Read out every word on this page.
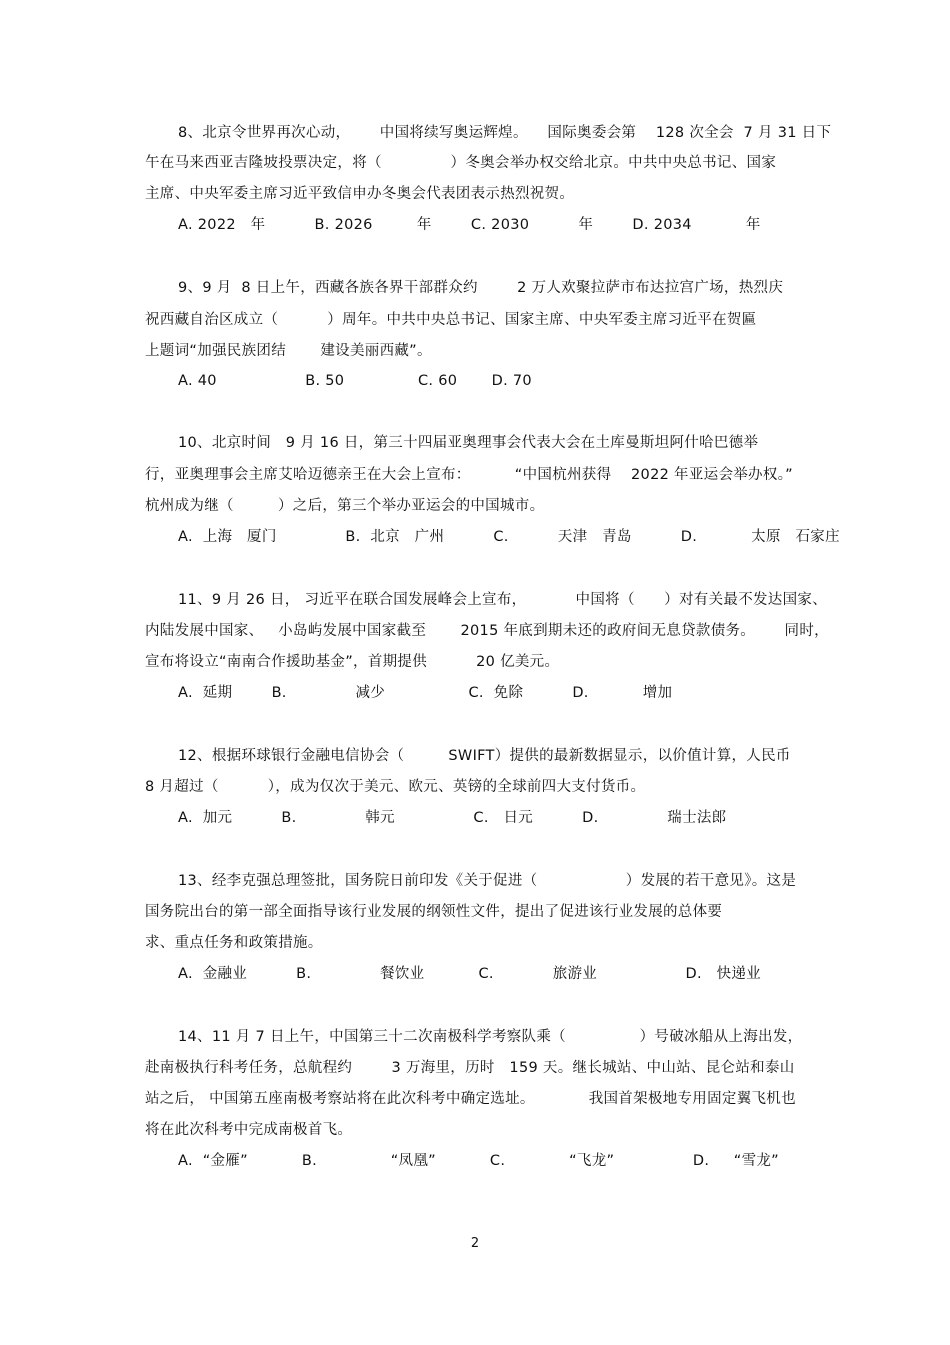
8、北京令世界再次心动，      中国将续写奥运辉煌。    国际奥委会第    128 次全会  7 月 31 日下
午在马来西亚吉隆坡投票决定，将（              ）冬奥会举办权交给北京。中共中央总书记、国家
主席、中央军委主席习近平致信申办冬奥会代表团表示热烈祝贺。
A. 2022   年          B. 2026         年        C. 2030          年        D. 2034           年
9、9 月  8 日上午，西藏各族各界干部群众约        2 万人欢聚拉萨市布达拉宫广场，热烈庆
祝西藏自治区成立（          ）周年。中共中央总书记、国家主席、中央军委主席习近平在贺匾
上题词“加强民族团结       建设美丽西藏”。
A. 40                  B. 50               C. 60       D. 70
10、北京时间   9 月 16 日，第三十四届亚奥理事会代表大会在土库曼斯坦阿什哈巴德举
行，亚奥理事会主席艾哈迈德亲王在大会上宣布：         “中国杭州获得    2022 年亚运会举办权。”
杭州成为继（         ）之后，第三个举办亚运会的中国城市。
A.  上海   厦门              B.  北京   广州          C.          天津   青岛          D.           太原   石家庄
11、9 月 26 日， 习近平在联合国发展峰会上宣布，          中国将（      ）对有关最不发达国家、
内陆发展中国家、   小岛屿发展中国家截至       2015 年底到期未还的政府间无息贷款债务。      同时，
宣布将设立“南南合作援助基金”，首期提供          20 亿美元。
A.  延期        B.              减少                 C.  免除          D.           增加
12、根据环球银行金融电信协会（         SWIFT）提供的最新数据显示，以价值计算，人民币
8 月超过（          ），成为仅次于美元、欧元、英镑的全球前四大支付货币。
A.  加元          B.              韩元                C.   日元          D.              瑞士法郎
13、经李克强总理签批，国务院日前印发《关于促进（                  ）发展的若干意见》。这是
国务院出台的第一部全面指导该行业发展的纲领性文件，提出了促进该行业发展的总体要
求、重点任务和政策措施。
A.  金融业          B.              餐饮业           C.            旅游业                  D.   快递业
14、11 月 7 日上午，中国第三十二次南极科学考察队乘（               ）号破冰船从上海出发，
赴南极执行科考任务，总航程约        3 万海里，历时   159 天。继长城站、中山站、昆仑站和泰山
站之后， 中国第五座南极考察站将在此次科考中确定选址。           我国首架极地专用固定翼飞机也
将在此次科考中完成南极首飞。
A.  “金雁”           B.               “凤凰”           C.             “飞龙”                D.     “雪龙”
2
